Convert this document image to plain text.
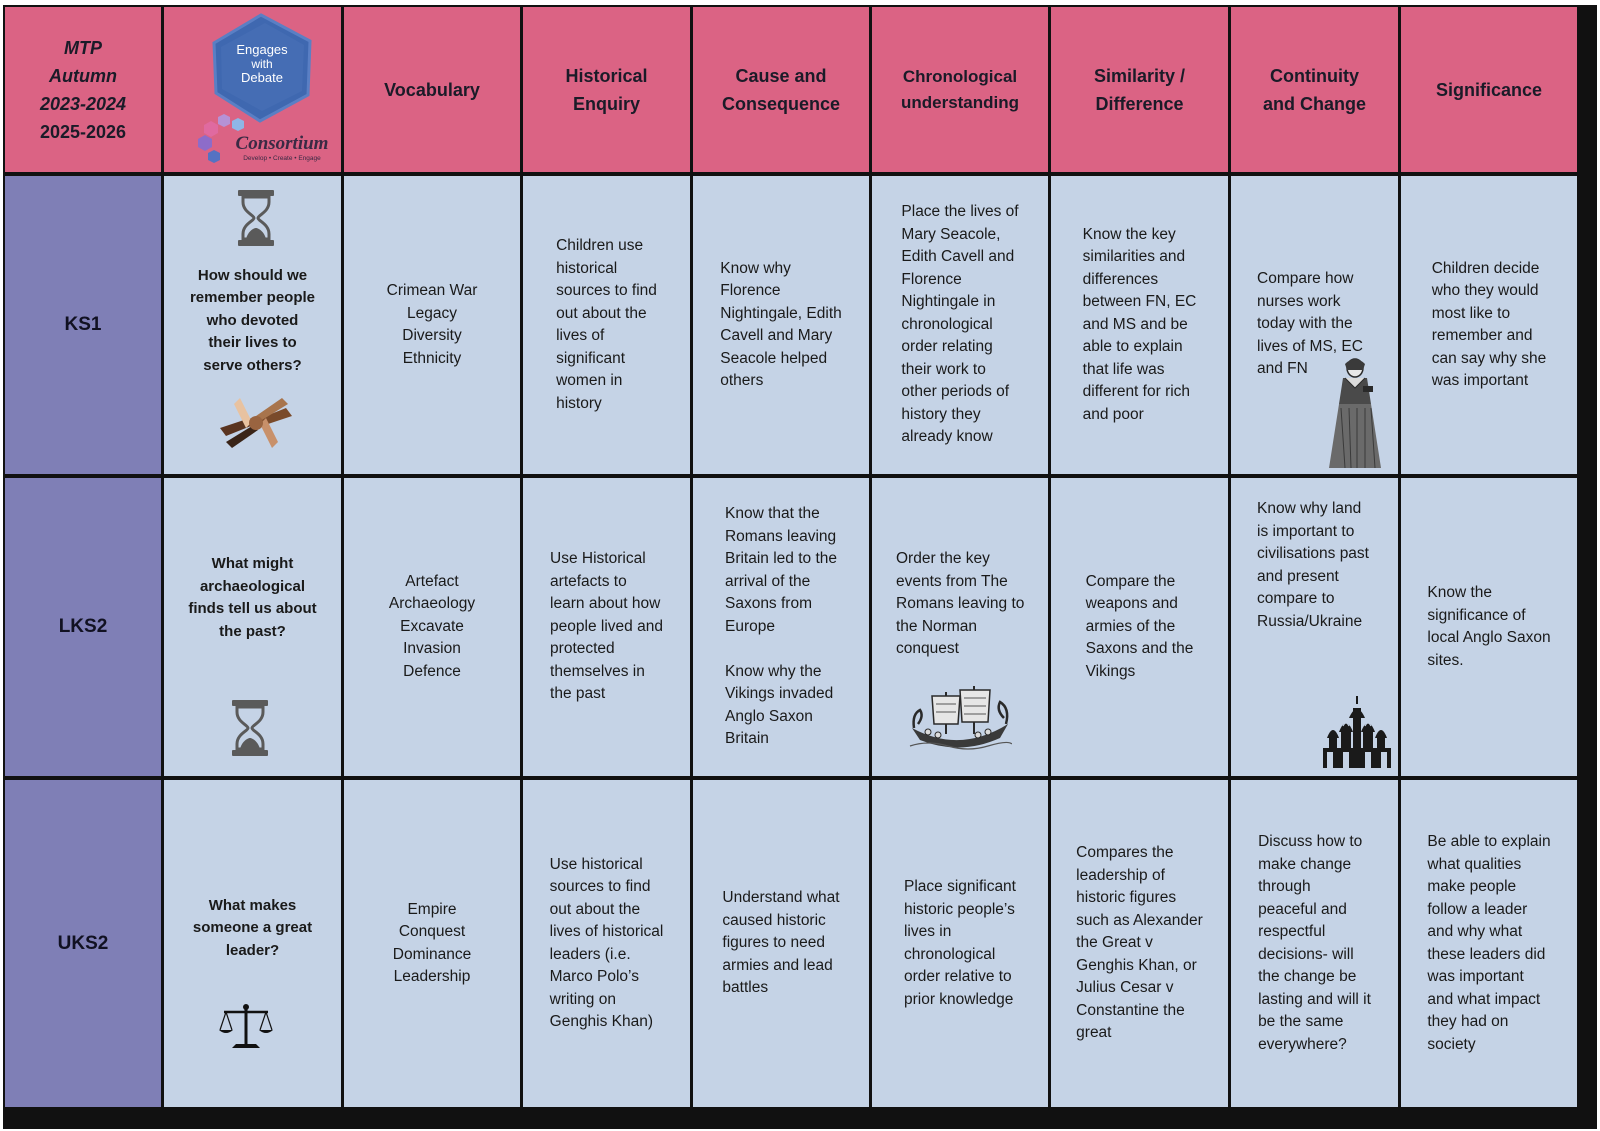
MTP
Autumn
2023-2024
2025-2026
Engages
with
Debate
Consortium
Develop • Create • Engage
Vocabulary
Historical
Enquiry
Cause and
Consequence
Chronological
understanding
Similarity /
Difference
Continuity
and Change
Significance
KS1
How should we
remember people
who devoted
their lives to
serve others?
Crimean War
Legacy
Diversity
Ethnicity
Children use
historical
sources to find
out about the
lives of
significant
women in
history
Know why
Florence
Nightingale, Edith
Cavell and Mary
Seacole helped
others
Place the lives of
Mary Seacole,
Edith Cavell and
Florence
Nightingale in
chronological
order relating
their work to
other periods of
history they
already know
Know the key
similarities and
differences
between FN, EC
and MS and be
able to explain
that life was
different for rich
and poor
Compare how
nurses work
today with the
lives of MS, EC
and FN
Children decide
who they would
most like to
remember and
can say why she
was important
LKS2
What might
archaeological
finds tell us about
the past?
Artefact
Archaeology
Excavate
Invasion
Defence
Use Historical
artefacts to
learn about how
people lived and
protected
themselves in
the past
Know that the
Romans leaving
Britain led to the
arrival of the
Saxons from
Europe

Know why the
Vikings invaded
Anglo Saxon
Britain
Order the key
events from The
Romans leaving to
the Norman
conquest
Compare the
weapons and
armies of the
Saxons and the
Vikings
Know why land
is important to
civilisations past
and present
compare to
Russia/Ukraine
Know the
significance of
local Anglo Saxon
sites.
UKS2
What makes
someone a great
leader?
Empire
Conquest
Dominance
Leadership
Use historical
sources to find
out about the
lives of historical
leaders (i.e.
Marco Polo’s
writing on
Genghis Khan)
Understand what
caused historic
figures to need
armies and lead
battles
Place significant
historic people’s
lives in
chronological
order relative to
prior knowledge
Compares the
leadership of
historic figures
such as Alexander
the Great v
Genghis Khan, or
Julius Cesar v
Constantine the
great
Discuss how to
make change
through
peaceful and
respectful
decisions- will
the change be
lasting and will it
be the same
everywhere?
Be able to explain
what qualities
make people
follow a leader
and why what
these leaders did
was important
and what impact
they had on
society
